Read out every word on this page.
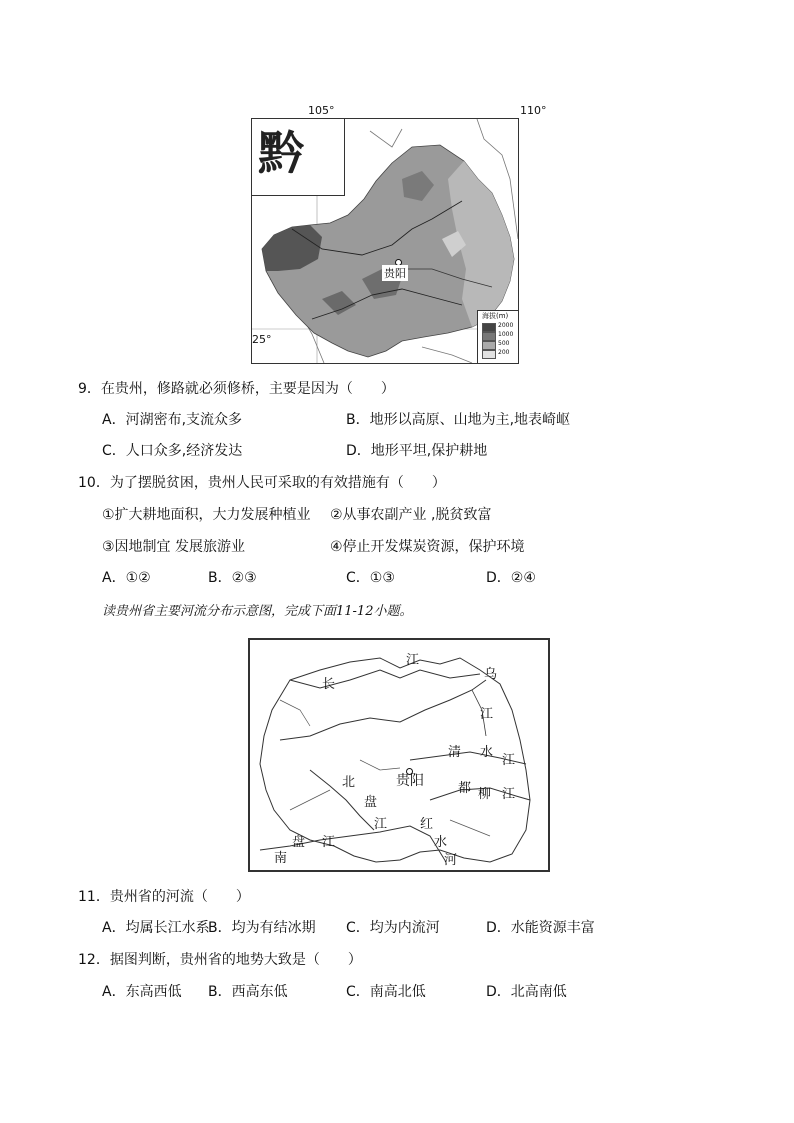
105°	110°
黔
贵阳
海拔(m)
2000
1000
500
200
25°
9．在贵州，修路就必须修桥，主要是因为（　　）
A．河湖密布,支流众多	B．地形以高原、山地为主,地表崎岖
C．人口众多,经济发达	D．地形平坦,保护耕地
10．为了摆脱贫困，贵州人民可采取的有效措施有（　　）
①扩大耕地面积，大力发展种植业 ②从事农副产业 ,脱贫致富
③因地制宜 发展旅游业	④停止开发煤炭资源，保护环境
A．①②	B．②③	C．①③	D．②④
读贵州省主要河流分布示意图，完成下面11-12小题。
江
长
乌
江
清 水
江
贵阳
北
盘
江
都 柳 江
红
水
河
南
盘 江
11．贵州省的河流（　　）
A．均属长江水系
B．均为有结冰期 C．均为内流河	D．水能资源丰富
12．据图判断，贵州省的地势大致是（　　）
A．东高西低 B．西高东低	C．南高北低	D．北高南低
